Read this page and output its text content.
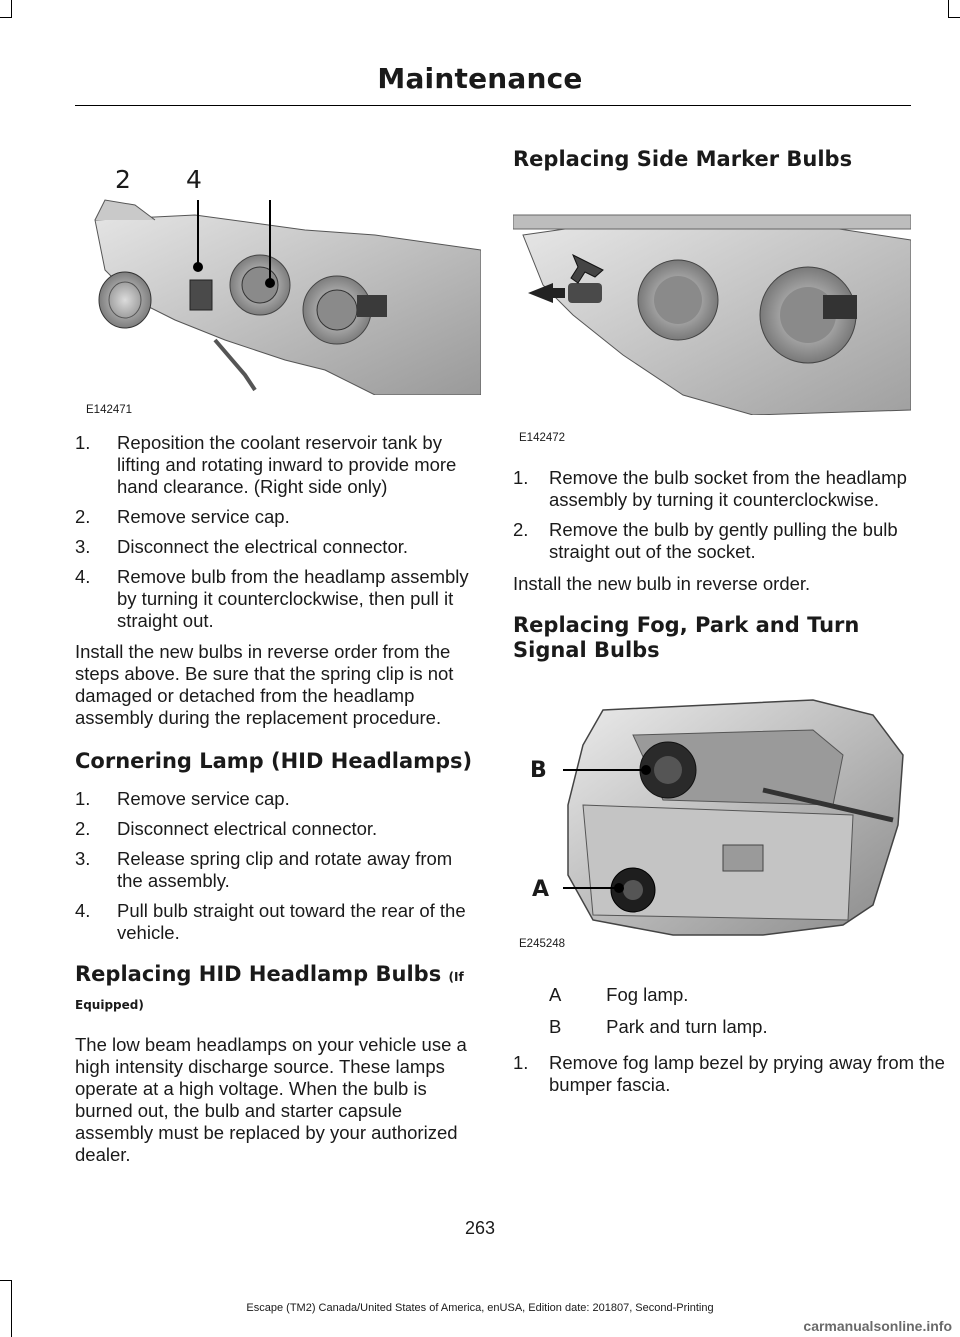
Maintenance
2 4
E142471
1. Reposition the coolant reservoir tank by lifting and rotating inward to provide more hand clearance. (Right side only)
2. Remove service cap.
3. Disconnect the electrical connector.
4. Remove bulb from the headlamp assembly by turning it counterclockwise, then pull it straight out.

Install the new bulbs in reverse order from the steps above. Be sure that the spring clip is not damaged or detached from the headlamp assembly during the replacement procedure.

Cornering Lamp (HID Headlamps)
1. Remove service cap.
2. Disconnect electrical connector.
3. Release spring clip and rotate away from the assembly.
4. Pull bulb straight out toward the rear of the vehicle.
Replacing HID Headlamp Bulbs (If
Equipped)

The low beam headlamps on your vehicle use a high intensity discharge source. These lamps operate at a high voltage. When the bulb is burned out, the bulb and starter capsule assembly must be replaced by your authorized dealer.

Replacing Side Marker Bulbs
E142472
1. Remove the bulb socket from the headlamp assembly by turning it counterclockwise.
2. Remove the bulb by gently pulling the bulb straight out of the socket.

Install the new bulb in reverse order.

Replacing Fog, Park and Turn
Signal Bulbs
B
A
E245248
A Fog lamp.
B Park and turn lamp.
1. Remove fog lamp bezel by prying away from the bumper fascia.
263
Escape (TM2) Canada/United States of America, enUSA, Edition date: 201807, Second-Printing
carmanualsonline.info
